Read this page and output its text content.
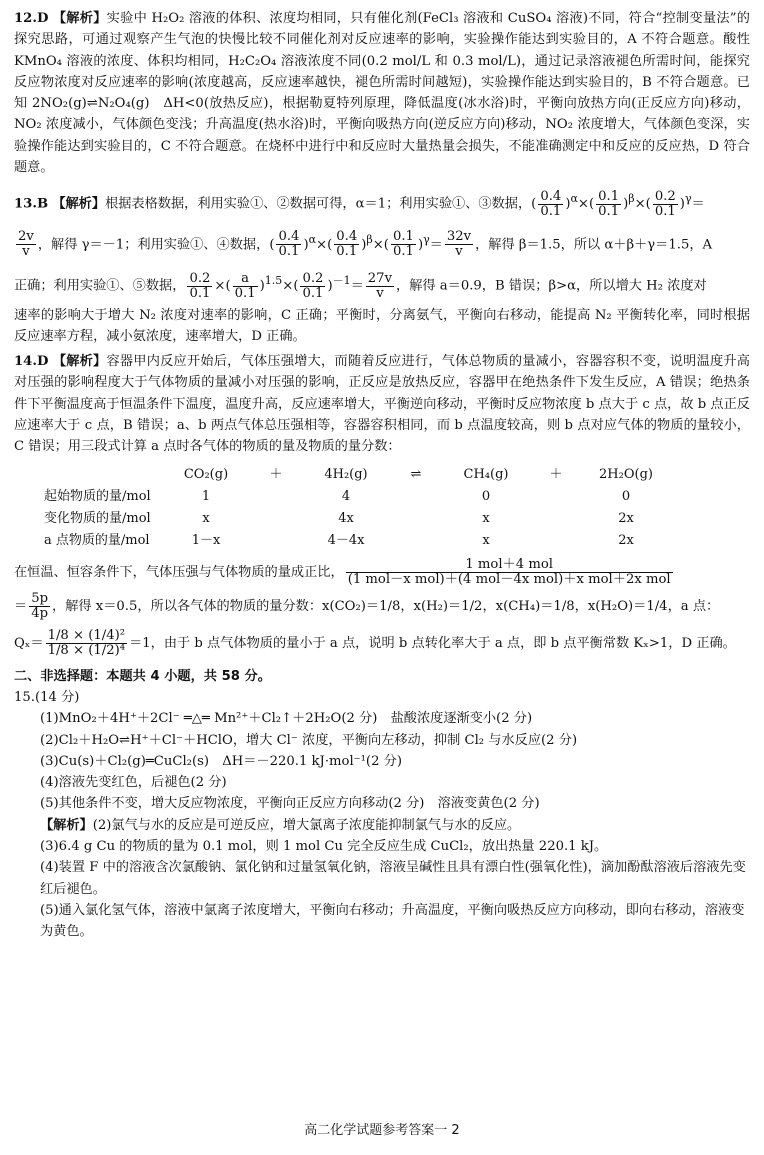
12.D 【解析】实验中 H₂O₂ 溶液的体积、浓度均相同，只有催化剂(FeCl₃ 溶液和 CuSO₄ 溶液)不同，符合“控制变量法”的探究思路，可通过观察产生气泡的快慢比较不同催化剂对反应速率的影响，实验操作能达到实验目的，A 不符合题意。酸性 KMnO₄ 溶液的浓度、体积均相同，H₂C₂O₄ 溶液浓度不同(0.2 mol/L 和 0.3 mol/L)，通过记录溶液褪色所需时间，能探究反应物浓度对反应速率的影响(浓度越高，反应速率越快，褪色所需时间越短)，实验操作能达到实验目的，B 不符合题意。已知 2NO₂(g)⇌N₂O₄(g)　ΔH<0(放热反应)，根据勒夏特列原理，降低温度(冰水浴)时，平衡向放热方向(正反应方向)移动，NO₂ 浓度减小，气体颜色变浅；升高温度(热水浴)时，平衡向吸热方向(逆反应方向)移动，NO₂ 浓度增大，气体颜色变深，实验操作能达到实验目的，C 不符合题意。在烧杯中进行中和反应时大量热量会损失，不能准确测定中和反应的反应热，D 符合题意。

13.B 【解析】根据表格数据，利用实验①、②数据可得，α＝1；利用实验①、③数据，( $\frac{0.4}{0.1} )^\alpha\times( \frac{0.1}{0.1} )^\beta\times( \frac{0.2}{0.1} )^\gamma=$
$\frac{2v}{v}$ ，解得 γ＝－1；利用实验①、④数据，( $\frac{0.4}{0.1} )^\alpha\times( \frac{0.4}{0.1} )^\beta\times( \frac{0.1}{0.1} )^\gamma= \frac{32v}{v}$ ，解得 β＝1.5，所以 α＋β＋γ＝1.5，A
正确；利用实验①、⑤数据， $\frac{0.2}{0.1}$ ×( $\frac{a}{0.1} )^{1.5}\times( \frac{0.2}{0.1} )^{-1}= \frac{27v}{v}$ ，解得 a＝0.9，B 错误；β>α，所以增大 H₂ 浓度对
速率的影响大于增大 N₂ 浓度对速率的影响，C 正确；平衡时，分离氨气，平衡向右移动，能提高 N₂ 平衡转化率，同时根据反应速率方程，减小氨浓度，速率增大，D 正确。
14.D 【解析】容器甲内反应开始后，气体压强增大，而随着反应进行，气体总物质的量减小，容器容积不变，说明温度升高对压强的影响程度大于气体物质的量减小对压强的影响，正反应是放热反应，容器甲在绝热条件下发生反应，A 错误；绝热条件下平衡温度高于恒温条件下温度，温度升高，反应速率增大，平衡逆向移动，平衡时反应物浓度 b 点大于 c 点，故 b 点正反应速率大于 c 点，B 错误；a、b 两点气体总压强相等，容器容积相同，而 b 点温度较高，则 b 点对应气体的物质的量较小，C 错误；用三段式计算 a 点时各气体的物质的量及物质的量分数：
	CO₂(g)	＋	4H₂(g)	⇌	CH₄(g)	＋	2H₂O(g)
起始物质的量/mol	1		4		0		0
变化物质的量/mol	x		4x		x		2x
a 点物质的量/mol	1－x		4－4x		x		2x
在恒温、恒容条件下，气体压强与气体物质的量成正比， $\frac{\text{1 mol＋4 mol}}{\text{(1 mol－x mol)＋(4 mol－4x mol)＋x mol＋2x mol}}$
＝ $\frac{5p}{4p}$ ，解得 x＝0.5，所以各气体的物质的量分数：x(CO₂)＝1/8，x(H₂)＝1/2，x(CH₄)＝1/8，x(H₂O)＝1/4，a 点：
$Q_x= \frac{\text{1/8 × (1/4)²}}{\text{1/8 × (1/2)⁴}} =1$，由于 b 点气体物质的量小于 a 点，说明 b 点转化率大于 a 点，即 b 点平衡常数 Kₓ>1，D 正确。
二、非选择题：本题共 4 小题，共 58 分。
15.(14 分)
(1)MnO₂＋4H⁺＋2Cl⁻ ═△═ Mn²⁺＋Cl₂↑＋2H₂O(2 分)　盐酸浓度逐渐变小(2 分)
(2)Cl₂＋H₂O⇌H⁺＋Cl⁻＋HClO，增大 Cl⁻ 浓度，平衡向左移动，抑制 Cl₂ 与水反应(2 分)
(3)Cu(s)＋Cl₂(g)═CuCl₂(s)　ΔH＝－220.1 kJ·mol⁻¹(2 分)
(4)溶液先变红色，后褪色(2 分)
(5)其他条件不变，增大反应物浓度，平衡向正反应方向移动(2 分)　溶液变黄色(2 分)
【解析】(2)氯气与水的反应是可逆反应，增大氯离子浓度能抑制氯气与水的反应。
(3)6.4 g Cu 的物质的量为 0.1 mol，则 1 mol Cu 完全反应生成 CuCl₂，放出热量 220.1 kJ。
(4)装置 F 中的溶液含次氯酸钠、氯化钠和过量氢氧化钠，溶液呈碱性且具有漂白性(强氧化性)，滴加酚酞溶液后溶液先变红后褪色。
(5)通入氯化氢气体，溶液中氯离子浓度增大，平衡向右移动；升高温度，平衡向吸热反应方向移动，即向右移动，溶液变为黄色。
高二化学试题参考答案一 2
